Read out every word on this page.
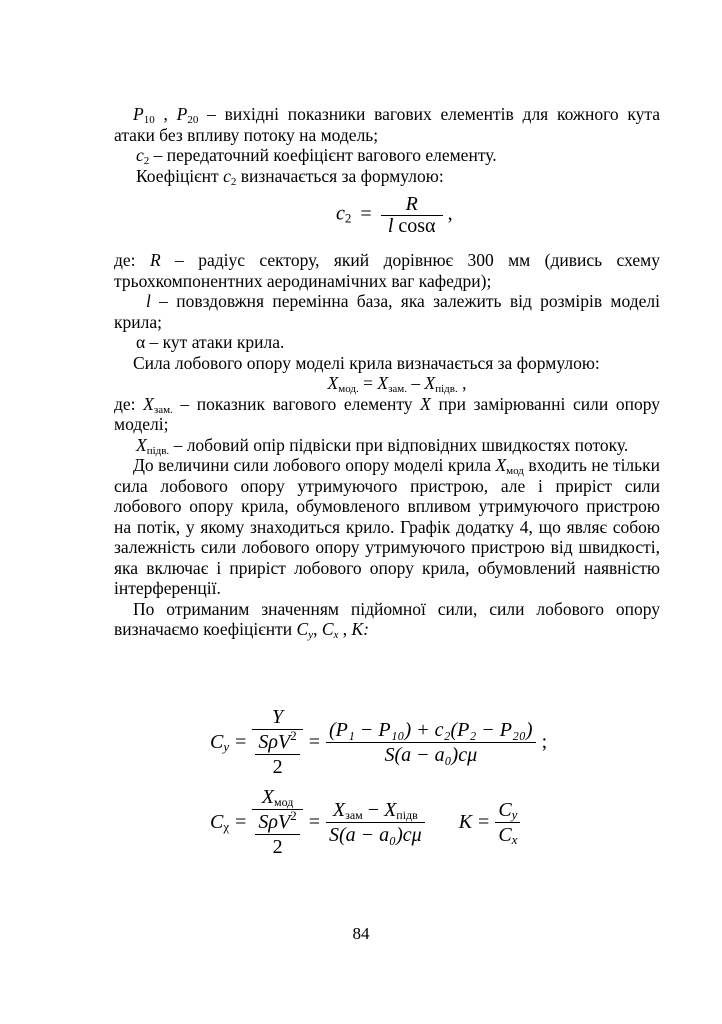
$P_{10}$ , $P_{20}$ – вихідні показники вагових елементів для кожного кута атаки без впливу потоку на модель;

$c_2$ – передаточний коефіцієнт вагового елементу.

Коефіцієнт $c_2$ визначається за формулою:

$c_2 = \frac{R}{\text{l cosα}}$ ,

де: R – радіус сектору, який дорівнює 300 мм (дивись схему трьохкомпонентних аеродинамічних ваг кафедри);

l – повздовжня перемінна база, яка залежить від розмірів моделі крила;

α – кут атаки крила.

Сила лобового опору моделі крила визначається за формулою:

$X_{мод.} = X_{зам.} - X_{підв.}$ ,

де: $X_{зам.}$ – показник вагового елементу X при замірюванні сили опору моделі;

$X_{підв.}$ – лобовий опір підвіски при відповідних швидкостях потоку.

До величини сили лобового опору моделі крила $X_{мод}$ входить не тільки сила лобового опору утримуючого пристрою, але і приріст сили лобового опору крила, обумовленого впливом утримуючого пристрою на потік, у якому знаходиться крило. Графік додатку 4, що являє собою залежність сили лобового опору утримуючого пристрою від швидкості, яка включає і приріст лобового опору крила, обумовлений наявністю інтерференції.

По отриманим значенням підйомної сили, сили лобового опору визначаємо коефіцієнти $C_y$, $C_x$ , K:

$C_y = \frac{Y}{\frac{S\rho V^2}{2}} = \frac{\text{(P₁ − P₁₀) + c₂(P₂ − P₂₀)}}{\text{S(a − a₀)cμ}}$ ;
$C_\chi = \frac{X_{мод}}{\frac{S\rho V^2}{2}} = \frac{X_{зам} - X_{підв}}{\text{S(a − a₀)cμ}}$ $K = \frac{C_y}{C_x}$
84
